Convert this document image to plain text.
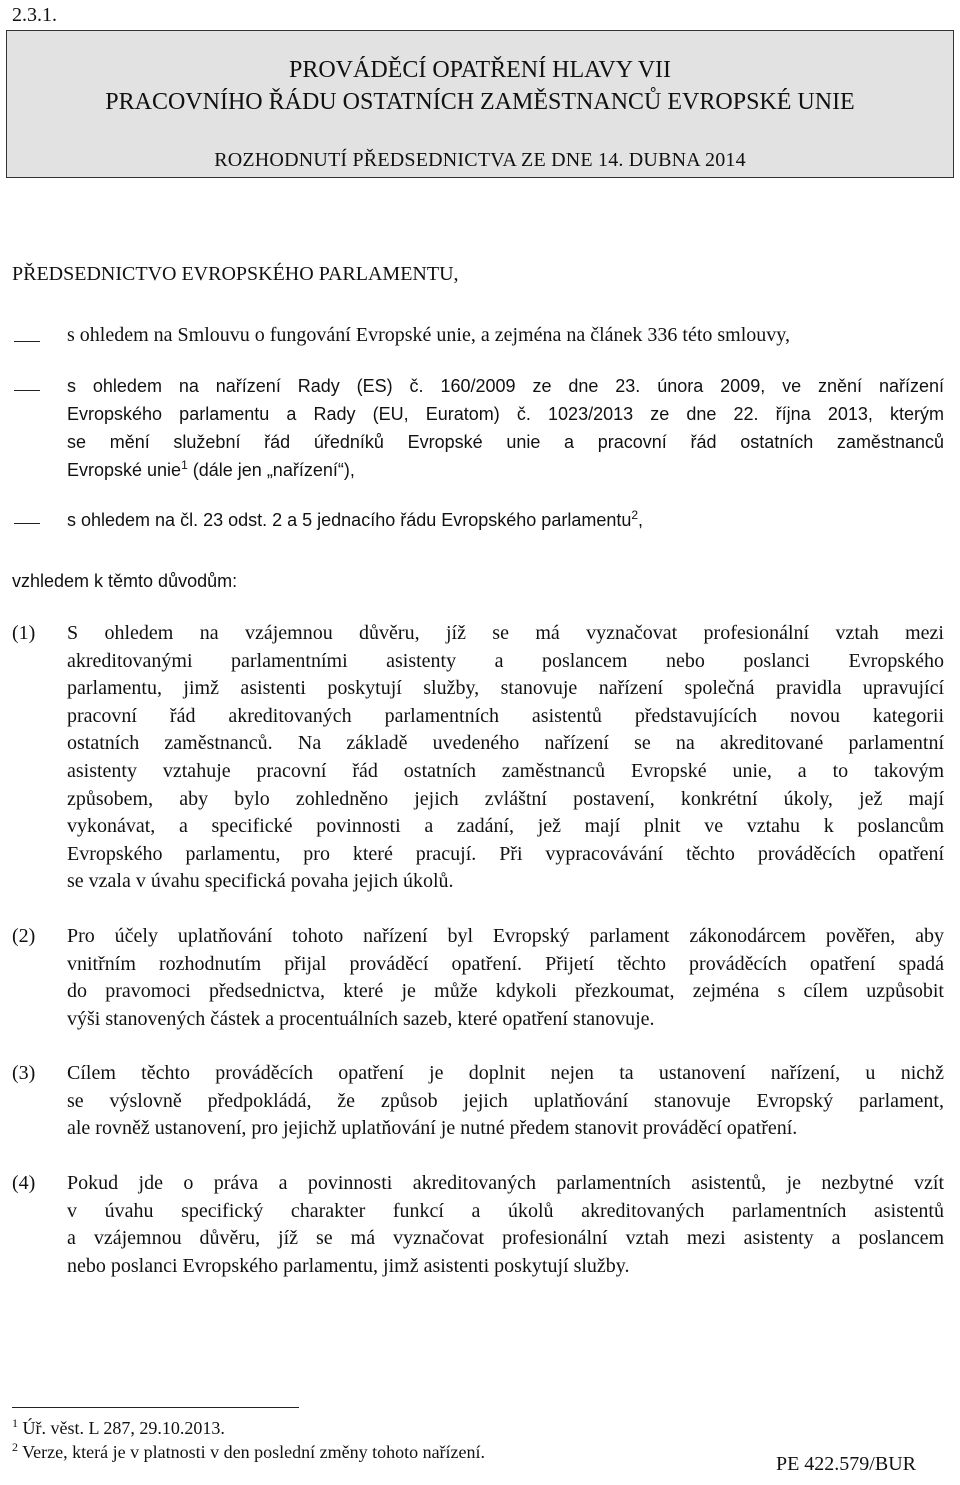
2.3.1.
PROVÁDĚCÍ OPATŘENÍ HLAVY VII
PRACOVNÍHO ŘÁDU OSTATNÍCH ZAMĚSTNANCŮ EVROPSKÉ UNIE
ROZHODNUTÍ PŘEDSEDNICTVA ZE DNE 14. DUBNA 2014
PŘEDSEDNICTVO EVROPSKÉHO PARLAMENTU,
s ohledem na Smlouvu o fungování Evropské unie, a zejména na článek 336 této smlouvy,
s ohledem na nařízení Rady (ES) č. 160/2009 ze dne 23. února 2009, ve znění nařízení
Evropského parlamentu a Rady (EU, Euratom) č. 1023/2013 ze dne 22. října 2013, kterým
se mění služební řád úředníků Evropské unie a pracovní řád ostatních zaměstnanců
Evropské unie$^1$ (dále jen „nařízení“),
s ohledem na čl. 23 odst. 2 a 5 jednacího řádu Evropského parlamentu$^2$,
vzhledem k těmto důvodům:
(1) S ohledem na vzájemnou důvěru, jíž se má vyznačovat profesionální vztah mezi
akreditovanými parlamentními asistenty a poslancem nebo poslanci Evropského
parlamentu, jimž asistenti poskytují služby, stanovuje nařízení společná pravidla upravující
pracovní řád akreditovaných parlamentních asistentů představujících novou kategorii
ostatních zaměstnanců. Na základě uvedeného nařízení se na akreditované parlamentní
asistenty vztahuje pracovní řád ostatních zaměstnanců Evropské unie, a to takovým
způsobem, aby bylo zohledněno jejich zvláštní postavení, konkrétní úkoly, jež mají
vykonávat, a specifické povinnosti a zadání, jež mají plnit ve vztahu k poslancům
Evropského parlamentu, pro které pracují. Při vypracovávání těchto prováděcích opatření
se vzala v úvahu specifická povaha jejich úkolů.
(2) Pro účely uplatňování tohoto nařízení byl Evropský parlament zákonodárcem pověřen, aby
vnitřním rozhodnutím přijal prováděcí opatření. Přijetí těchto prováděcích opatření spadá
do pravomoci předsednictva, které je může kdykoli přezkoumat, zejména s cílem uzpůsobit
výši stanovených částek a procentuálních sazeb, které opatření stanovuje.
(3) Cílem těchto prováděcích opatření je doplnit nejen ta ustanovení nařízení, u nichž
se výslovně předpokládá, že způsob jejich uplatňování stanovuje Evropský parlament,
ale rovněž ustanovení, pro jejichž uplatňování je nutné předem stanovit prováděcí opatření.
(4) Pokud jde o práva a povinnosti akreditovaných parlamentních asistentů, je nezbytné vzít
v úvahu specifický charakter funkcí a úkolů akreditovaných parlamentních asistentů
a vzájemnou důvěru, jíž se má vyznačovat profesionální vztah mezi asistenty a poslancem
nebo poslanci Evropského parlamentu, jimž asistenti poskytují služby.
$^1$ Úř. věst. L 287, 29.10.2013.
$^2$ Verze, která je v platnosti v den poslední změny tohoto nařízení.
PE 422.579/BUR
